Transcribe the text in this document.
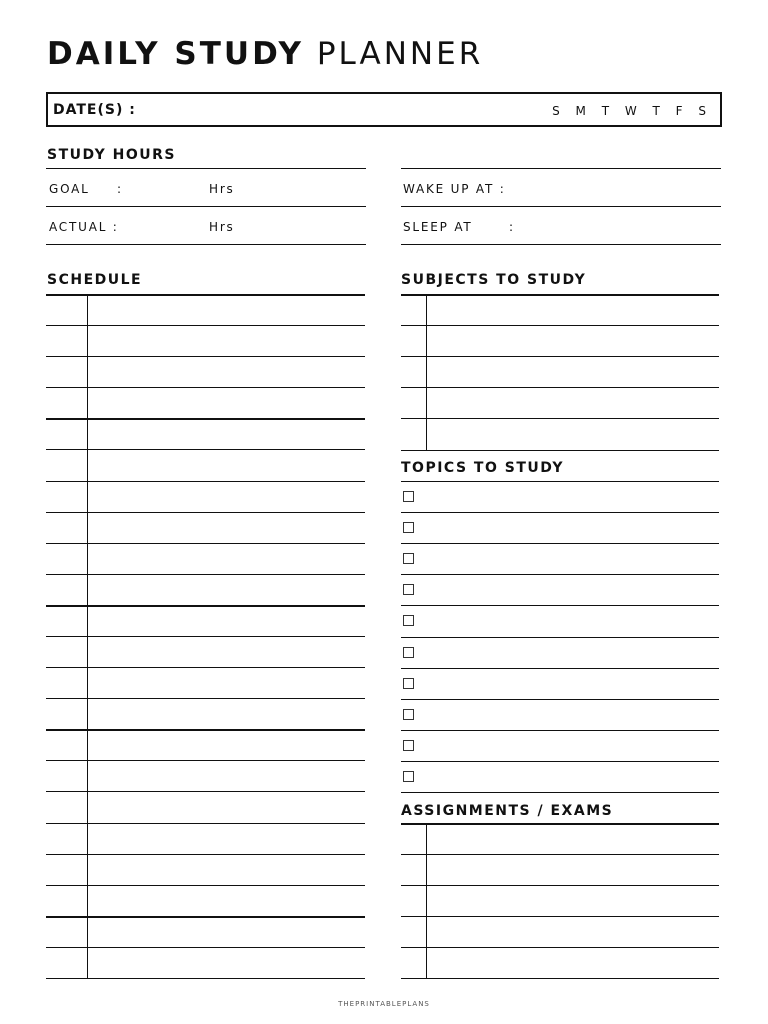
DAILY STUDY PLANNER
DATE(S) :	S M T W T F S
STUDY HOURS
GOAL :	Hrs
ACTUAL :	Hrs
WAKE UP AT :
SLEEP AT	:
SCHEDULE	SUBJECTS TO STUDY
TOPICS TO STUDY
ASSIGNMENTS / EXAMS
THEPRINTABLEPLANS
